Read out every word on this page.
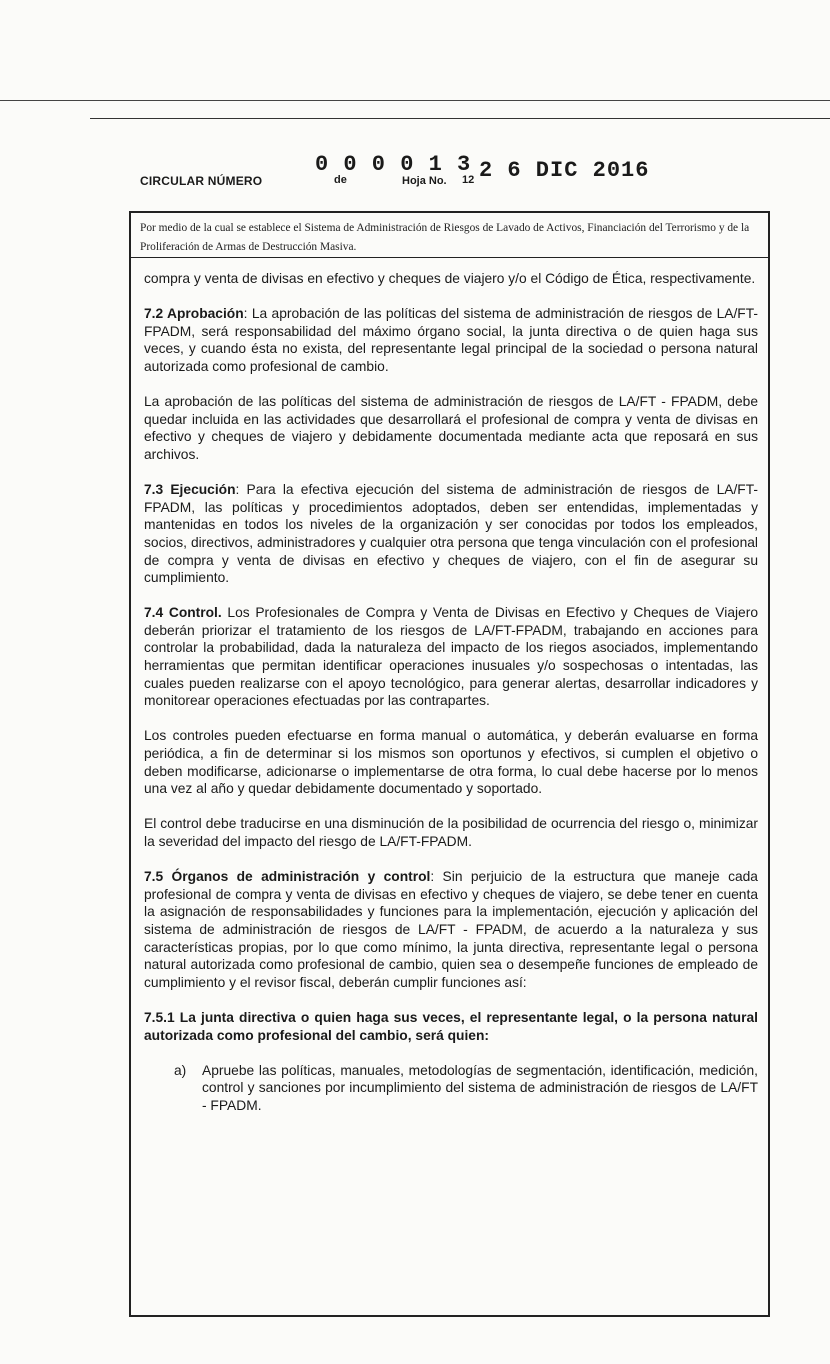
CIRCULAR NÚMERO
0 0 0 0 1 3
de	Hoja No. 12 2 6 DIC 2016
Por medio de la cual se establece el Sistema de Administración de Riesgos de Lavado de Activos, Financiación del Terrorismo y de la Proliferación de Armas de Destrucción Masiva.

compra y venta de divisas en efectivo y cheques de viajero y/o el Código de Ética, respectivamente.

7.2 Aprobación: La aprobación de las políticas del sistema de administración de riesgos de LA/FT- FPADM, será responsabilidad del máximo órgano social, la junta directiva o de quien haga sus veces, y cuando ésta no exista, del representante legal principal de la sociedad o persona natural autorizada como profesional de cambio.

La aprobación de las políticas del sistema de administración de riesgos de LA/FT - FPADM, debe quedar incluida en las actividades que desarrollará el profesional de compra y venta de divisas en efectivo y cheques de viajero y debidamente documentada mediante acta que reposará en sus archivos.

7.3 Ejecución: Para la efectiva ejecución del sistema de administración de riesgos de LA/FT-FPADM, las políticas y procedimientos adoptados, deben ser entendidas, implementadas y mantenidas en todos los niveles de la organización y ser conocidas por todos los empleados, socios, directivos, administradores y cualquier otra persona que tenga vinculación con el profesional de compra y venta de divisas en efectivo y cheques de viajero, con el fin de asegurar su cumplimiento.

7.4 Control. Los Profesionales de Compra y Venta de Divisas en Efectivo y Cheques de Viajero deberán priorizar el tratamiento de los riesgos de LA/FT-FPADM, trabajando en acciones para controlar la probabilidad, dada la naturaleza del impacto de los riegos asociados, implementando herramientas que permitan identificar operaciones inusuales y/o sospechosas o intentadas, las cuales pueden realizarse con el apoyo tecnológico, para generar alertas, desarrollar indicadores y monitorear operaciones efectuadas por las contrapartes.

Los controles pueden efectuarse en forma manual o automática, y deberán evaluarse en forma periódica, a fin de determinar si los mismos son oportunos y efectivos, si cumplen el objetivo o deben modificarse, adicionarse o implementarse de otra forma, lo cual debe hacerse por lo menos una vez al año y quedar debidamente documentado y soportado.

El control debe traducirse en una disminución de la posibilidad de ocurrencia del riesgo o, minimizar la severidad del impacto del riesgo de LA/FT-FPADM.

7.5 Órganos de administración y control: Sin perjuicio de la estructura que maneje cada profesional de compra y venta de divisas en efectivo y cheques de viajero, se debe tener en cuenta la asignación de responsabilidades y funciones para la implementación, ejecución y aplicación del sistema de administración de riesgos de LA/FT - FPADM, de acuerdo a la naturaleza y sus características propias, por lo que como mínimo, la junta directiva, representante legal o persona natural autorizada como profesional de cambio, quien sea o desempeñe funciones de empleado de cumplimiento y el revisor fiscal, deberán cumplir funciones así:

7.5.1 La junta directiva o quien haga sus veces, el representante legal, o la persona natural autorizada como profesional del cambio, será quien:

a)	Apruebe las políticas, manuales, metodologías de segmentación, identificación, medición, control y sanciones por incumplimiento del sistema de administración de riesgos de LA/FT - FPADM.
